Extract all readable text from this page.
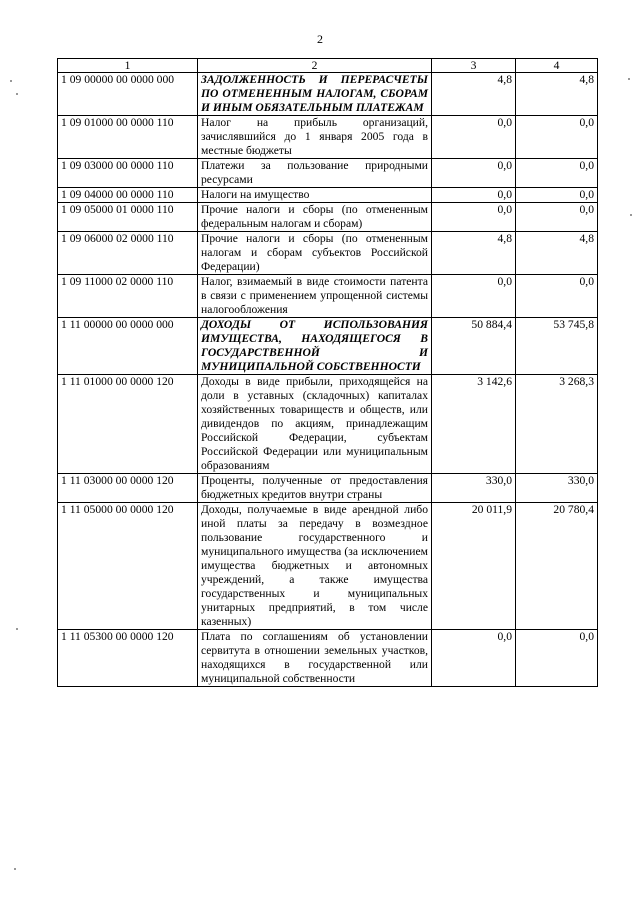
2
1	2	3	4
1 09 00000 00 0000 000	ЗАДОЛЖЕННОСТЬ И ПЕРЕРАСЧЕТЫ ПО ОТМЕНЕННЫМ НАЛОГАМ, СБОРАМ И ИНЫМ ОБЯЗАТЕЛЬНЫМ ПЛАТЕЖАМ	4,8	4,8
1 09 01000 00 0000 110	Налог на прибыль организаций, зачислявшийся до 1 января 2005 года в местные бюджеты	0,0	0,0
1 09 03000 00 0000 110	Платежи за пользование природными ресурсами	0,0	0,0
1 09 04000 00 0000 110	Налоги на имущество	0,0	0,0
1 09 05000 01 0000 110	Прочие налоги и сборы (по отмененным федеральным налогам и сборам)	0,0	0,0
1 09 06000 02 0000 110	Прочие налоги и сборы (по отмененным налогам и сборам субъектов Российской Федерации)	4,8	4,8
1 09 11000 02 0000 110	Налог, взимаемый в виде стоимости патента в связи с применением упрощенной системы налогообложения	0,0	0,0
1 11 00000 00 0000 000	ДОХОДЫ ОТ ИСПОЛЬЗОВАНИЯ ИМУЩЕСТВА, НАХОДЯЩЕГОСЯ В ГОСУДАРСТВЕННОЙ И МУНИЦИПАЛЬНОЙ СОБСТВЕННОСТИ	50 884,4	53 745,8
1 11 01000 00 0000 120	Доходы в виде прибыли, приходящейся на доли в уставных (складочных) капиталах хозяйственных товариществ и обществ, или дивидендов по акциям, принадлежащим Российской Федерации, субъектам Российской Федерации или муниципальным образованиям	3 142,6	3 268,3
1 11 03000 00 0000 120	Проценты, полученные от предоставления бюджетных кредитов внутри страны	330,0	330,0
1 11 05000 00 0000 120	Доходы, получаемые в виде арендной либо иной платы за передачу в возмездное пользование государственного и муниципального имущества (за исключением имущества бюджетных и автономных учреждений, а также имущества государственных и муниципальных унитарных предприятий, в том числе казенных)	20 011,9	20 780,4
1 11 05300 00 0000 120	Плата по соглашениям об установлении сервитута в отношении земельных участков, находящихся в государственной или муниципальной собственности	0,0	0,0
